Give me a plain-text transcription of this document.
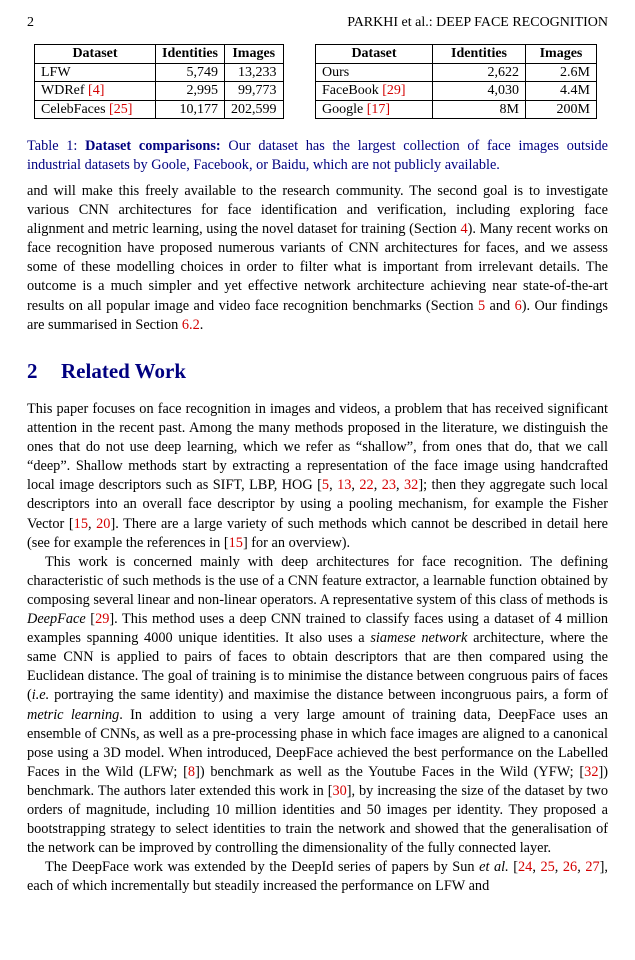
2	PARKHI et al.: DEEP FACE RECOGNITION
Dataset	Identities	Images
LFW	5,749	13,233
WDRef [4]	2,995	99,773
CelebFaces [25]	10,177	202,599
Dataset	Identities	Images
Ours	2,622	2.6M
FaceBook [29]	4,030	4.4M
Google [17]	8M	200M
Table 1: Dataset comparisons: Our dataset has the largest collection of face images outside industrial datasets by Goole, Facebook, or Baidu, which are not publicly available.

and will make this freely available to the research community. The second goal is to investigate various CNN architectures for face identification and verification, including exploring face alignment and metric learning, using the novel dataset for training (Section 4). Many recent works on face recognition have proposed numerous variants of CNN architectures for faces, and we assess some of these modelling choices in order to filter what is important from irrelevant details. The outcome is a much simpler and yet effective network architecture achieving near state-of-the-art results on all popular image and video face recognition benchmarks (Section 5 and 6). Our findings are summarised in Section 6.2.

2 Related Work

This paper focuses on face recognition in images and videos, a problem that has received significant attention in the recent past. Among the many methods proposed in the literature, we distinguish the ones that do not use deep learning, which we refer as “shallow”, from ones that do, that we call “deep”. Shallow methods start by extracting a representation of the face image using handcrafted local image descriptors such as SIFT, LBP, HOG [5, 13, 22, 23, 32]; then they aggregate such local descriptors into an overall face descriptor by using a pooling mechanism, for example the Fisher Vector [15, 20]. There are a large variety of such methods which cannot be described in detail here (see for example the references in [15] for an overview).

This work is concerned mainly with deep architectures for face recognition. The defining characteristic of such methods is the use of a CNN feature extractor, a learnable function obtained by composing several linear and non-linear operators. A representative system of this class of methods is DeepFace [29]. This method uses a deep CNN trained to classify faces using a dataset of 4 million examples spanning 4000 unique identities. It also uses a siamese network architecture, where the same CNN is applied to pairs of faces to obtain descriptors that are then compared using the Euclidean distance. The goal of training is to minimise the distance between congruous pairs of faces (i.e. portraying the same identity) and maximise the distance between incongruous pairs, a form of metric learning. In addition to using a very large amount of training data, DeepFace uses an ensemble of CNNs, as well as a pre-processing phase in which face images are aligned to a canonical pose using a 3D model. When introduced, DeepFace achieved the best performance on the Labelled Faces in the Wild (LFW; [8]) benchmark as well as the Youtube Faces in the Wild (YFW; [32]) benchmark. The authors later extended this work in [30], by increasing the size of the dataset by two orders of magnitude, including 10 million identities and 50 images per identity. They proposed a bootstrapping strategy to select identities to train the network and showed that the generalisation of the network can be improved by controlling the dimensionality of the fully connected layer.

The DeepFace work was extended by the DeepId series of papers by Sun et al. [24, 25, 26, 27], each of which incrementally but steadily increased the performance on LFW and
